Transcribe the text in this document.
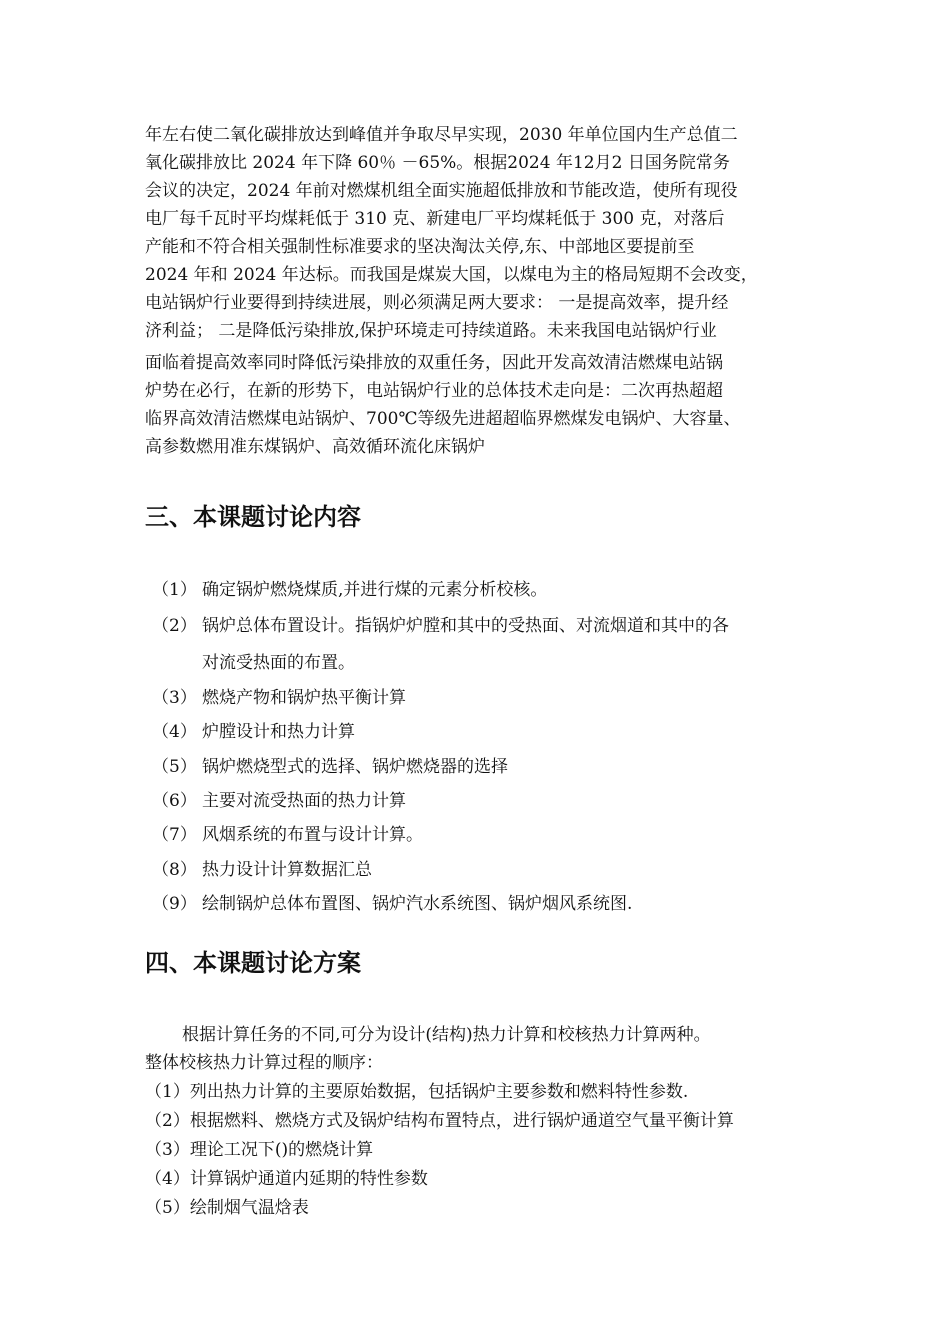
年左右使二氧化碳排放达到峰值并争取尽早实现，2030 年单位国内生产总值二
氧化碳排放比 2024 年下降 60％ －65%。根据2024 年12月2 日国务院常务
会议的决定，2024 年前对燃煤机组全面实施超低排放和节能改造，使所有现役
电厂每千瓦时平均煤耗低于 310 克、新建电厂平均煤耗低于 300 克，对落后
产能和不符合相关强制性标准要求的坚决淘汰关停,东、中部地区要提前至
2024 年和 2024 年达标。而我国是煤炭大国，以煤电为主的格局短期不会改变，
电站锅炉行业要得到持续进展，则必须满足两大要求： 一是提高效率，提升经
济利益； 二是降低污染排放,保护环境走可持续道路。未来我国电站锅炉行业
面临着提高效率同时降低污染排放的双重任务，因此开发高效清洁燃煤电站锅
炉势在必行，在新的形势下，电站锅炉行业的总体技术走向是：二次再热超超
临界高效清洁燃煤电站锅炉、700℃等级先进超超临界燃煤发电锅炉、大容量、
高参数燃用准东煤锅炉、高效循环流化床锅炉
三、本课题讨论内容
（1） 确定锅炉燃烧煤质,并进行煤的元素分析校核。
（2） 锅炉总体布置设计。指锅炉炉膛和其中的受热面、对流烟道和其中的各
对流受热面的布置。
（3） 燃烧产物和锅炉热平衡计算
（4） 炉膛设计和热力计算
（5） 锅炉燃烧型式的选择、锅炉燃烧器的选择
（6） 主要对流受热面的热力计算
（7） 风烟系统的布置与设计计算。
（8） 热力设计计算数据汇总
（9） 绘制锅炉总体布置图、锅炉汽水系统图、锅炉烟风系统图.
四、本课题讨论方案
根据计算任务的不同,可分为设计(结构)热力计算和校核热力计算两种。
整体校核热力计算过程的顺序：
（1）列出热力计算的主要原始数据，包括锅炉主要参数和燃料特性参数.
（2）根据燃料、燃烧方式及锅炉结构布置特点，进行锅炉通道空气量平衡计算
（3）理论工况下()的燃烧计算
（4）计算锅炉通道内延期的特性参数
（5）绘制烟气温焓表
